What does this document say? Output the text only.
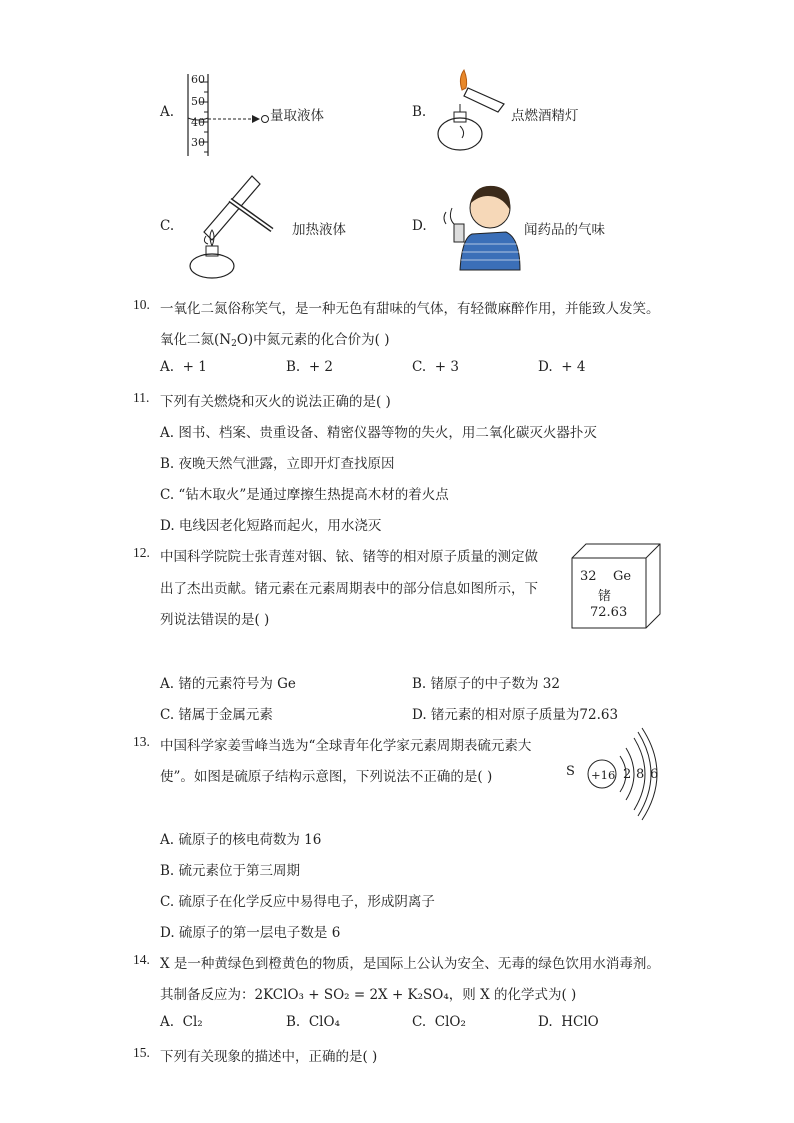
A.
60
50
40
30
量取液体	B.	点燃酒精灯
C.	加热液体	D.	闻药品的气味
10. 一氧化二氮俗称笑气，是一种无色有甜味的气体，有轻微麻醉作用，并能致人发笑。
氧化二氮$(N_2O)$中氮元素的化合价为( )
A. + 1	B. + 2	C. + 3	D. + 4
11. 下列有关燃烧和灭火的说法正确的是( )
A. 图书、档案、贵重设备、精密仪器等物的失火，用二氧化碳灭火器扑灭
B. 夜晚天然气泄露，立即开灯查找原因
C. “钻木取火”是通过摩擦生热提高木材的着火点
D. 电线因老化短路而起火，用水浇灭
12. 中国科学院院士张青莲对铟、铱、锗等的相对原子质量的测定做
出了杰出贡献。锗元素在元素周期表中的部分信息如图所示，下
列说法错误的是( )
32 Ge
锗
72.63
A. 锗的元素符号为 Ge	B. 锗原子的中子数为 32
C. 锗属于金属元素	D. 锗元素的相对原子质量为72.63
13. 中国科学家姜雪峰当选为“全球青年化学家元素周期表硫元素大
使”。如图是硫原子结构示意图，下列说法不正确的是( )	S +16 2 8 6
A. 硫原子的核电荷数为 16
B. 硫元素位于第三周期
C. 硫原子在化学反应中易得电子，形成阴离子
D. 硫原子的第一层电子数是 6
14. X 是一种黄绿色到橙黄色的物质，是国际上公认为安全、无毒的绿色饮用水消毒剂。
其制备反应为：2KClO₃ + SO₂ = 2X + K₂SO₄，则 X 的化学式为( )
A. Cl₂	B. ClO₄	C. ClO₂	D. HClO
15. 下列有关现象的描述中，正确的是( )
